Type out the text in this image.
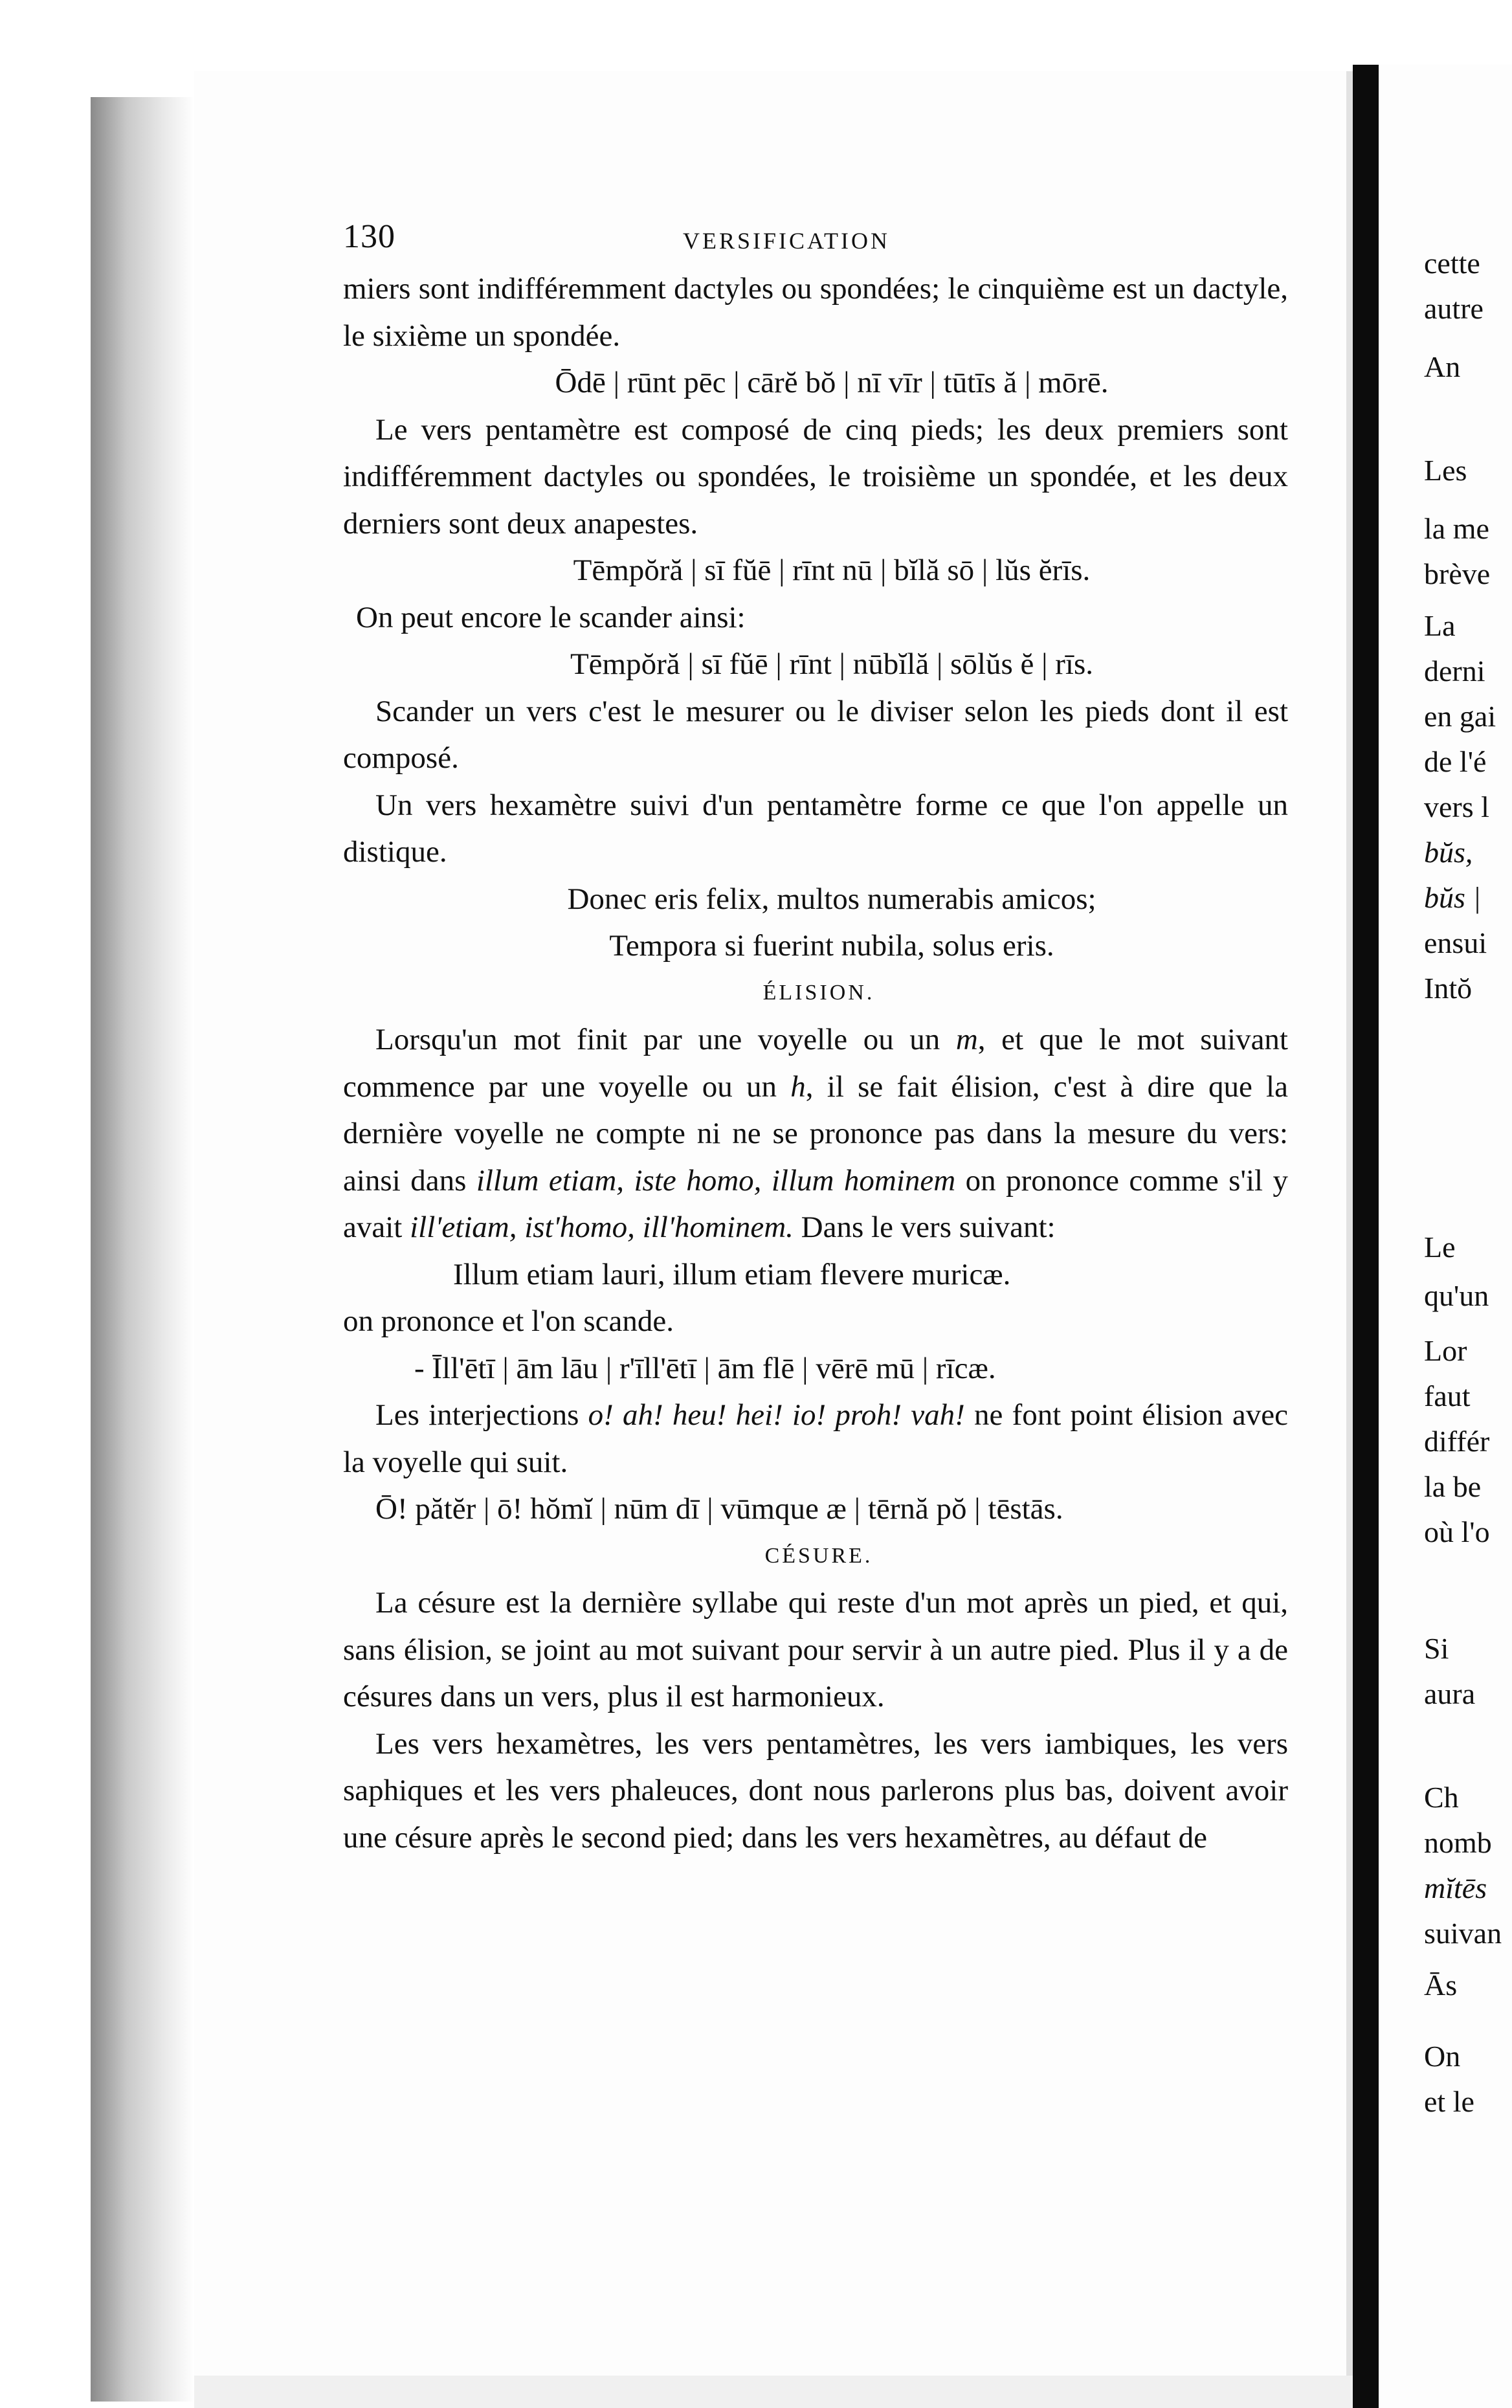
cette
autre
An
Les
la me
brève
La
derni
en gai
de l'é
vers l
bŭs,
bŭs |
ensui
Intŏ
Le
qu'un
Lor
faut
différ
la be
où l'o
Si
aura
Ch
nomb
mĭtēs
suivan
Ās
On
et le
130	VERSIFICATION

miers sont indifféremment dactyles ou spondées; le cinquième est un dactyle, le sixième un spondée.

Ōdē | rūnt pēc | cārĕ bŏ | nī vīr | tūtīs ă | mōrē.

Le vers pentamètre est composé de cinq pieds; les deux premiers sont indifféremment dactyles ou spondées, le troisième un spondée, et les deux derniers sont deux anapestes.

Tēmpŏră | sī fŭē | rīnt nū | bĭlă sō | lŭs ĕrīs.

On peut encore le scander ainsi:

Tēmpŏră | sī fŭē | rīnt | nūbĭlă | sōlŭs ĕ | rīs.

Scander un vers c'est le mesurer ou le diviser selon les pieds dont il est composé.

Un vers hexamètre suivi d'un pentamètre forme ce que l'on appelle un distique.

Donec eris felix, multos numerabis amicos;

Tempora si fuerint nubila, solus eris.

ÉLISION.

Lorsqu'un mot finit par une voyelle ou un m, et que le mot suivant commence par une voyelle ou un h, il se fait élision, c'est à dire que la dernière voyelle ne compte ni ne se prononce pas dans la mesure du vers: ainsi dans illum etiam, iste homo, illum hominem on prononce comme s'il y avait ill'etiam, ist'homo, ill'hominem. Dans le vers suivant:

Illum etiam lauri, illum etiam flevere muricæ.

on prononce et l'on scande.

- Īll'ētī | ām lāu | r'īll'ētī | ām flē | vērē mū | rīcæ.

Les interjections o! ah! heu! hei! io! proh! vah! ne font point élision avec la voyelle qui suit.

Ō! pătĕr | ō! hŏmĭ | nūm dī | vūmque æ | tērnă pŏ | tēstās.

CÉSURE.

La césure est la dernière syllabe qui reste d'un mot après un pied, et qui, sans élision, se joint au mot suivant pour servir à un autre pied. Plus il y a de césures dans un vers, plus il est harmonieux.

Les vers hexamètres, les vers pentamètres, les vers iambiques, les vers saphiques et les vers phaleuces, dont nous parlerons plus bas, doivent avoir une césure après le second pied; dans les vers hexamètres, au défaut de
